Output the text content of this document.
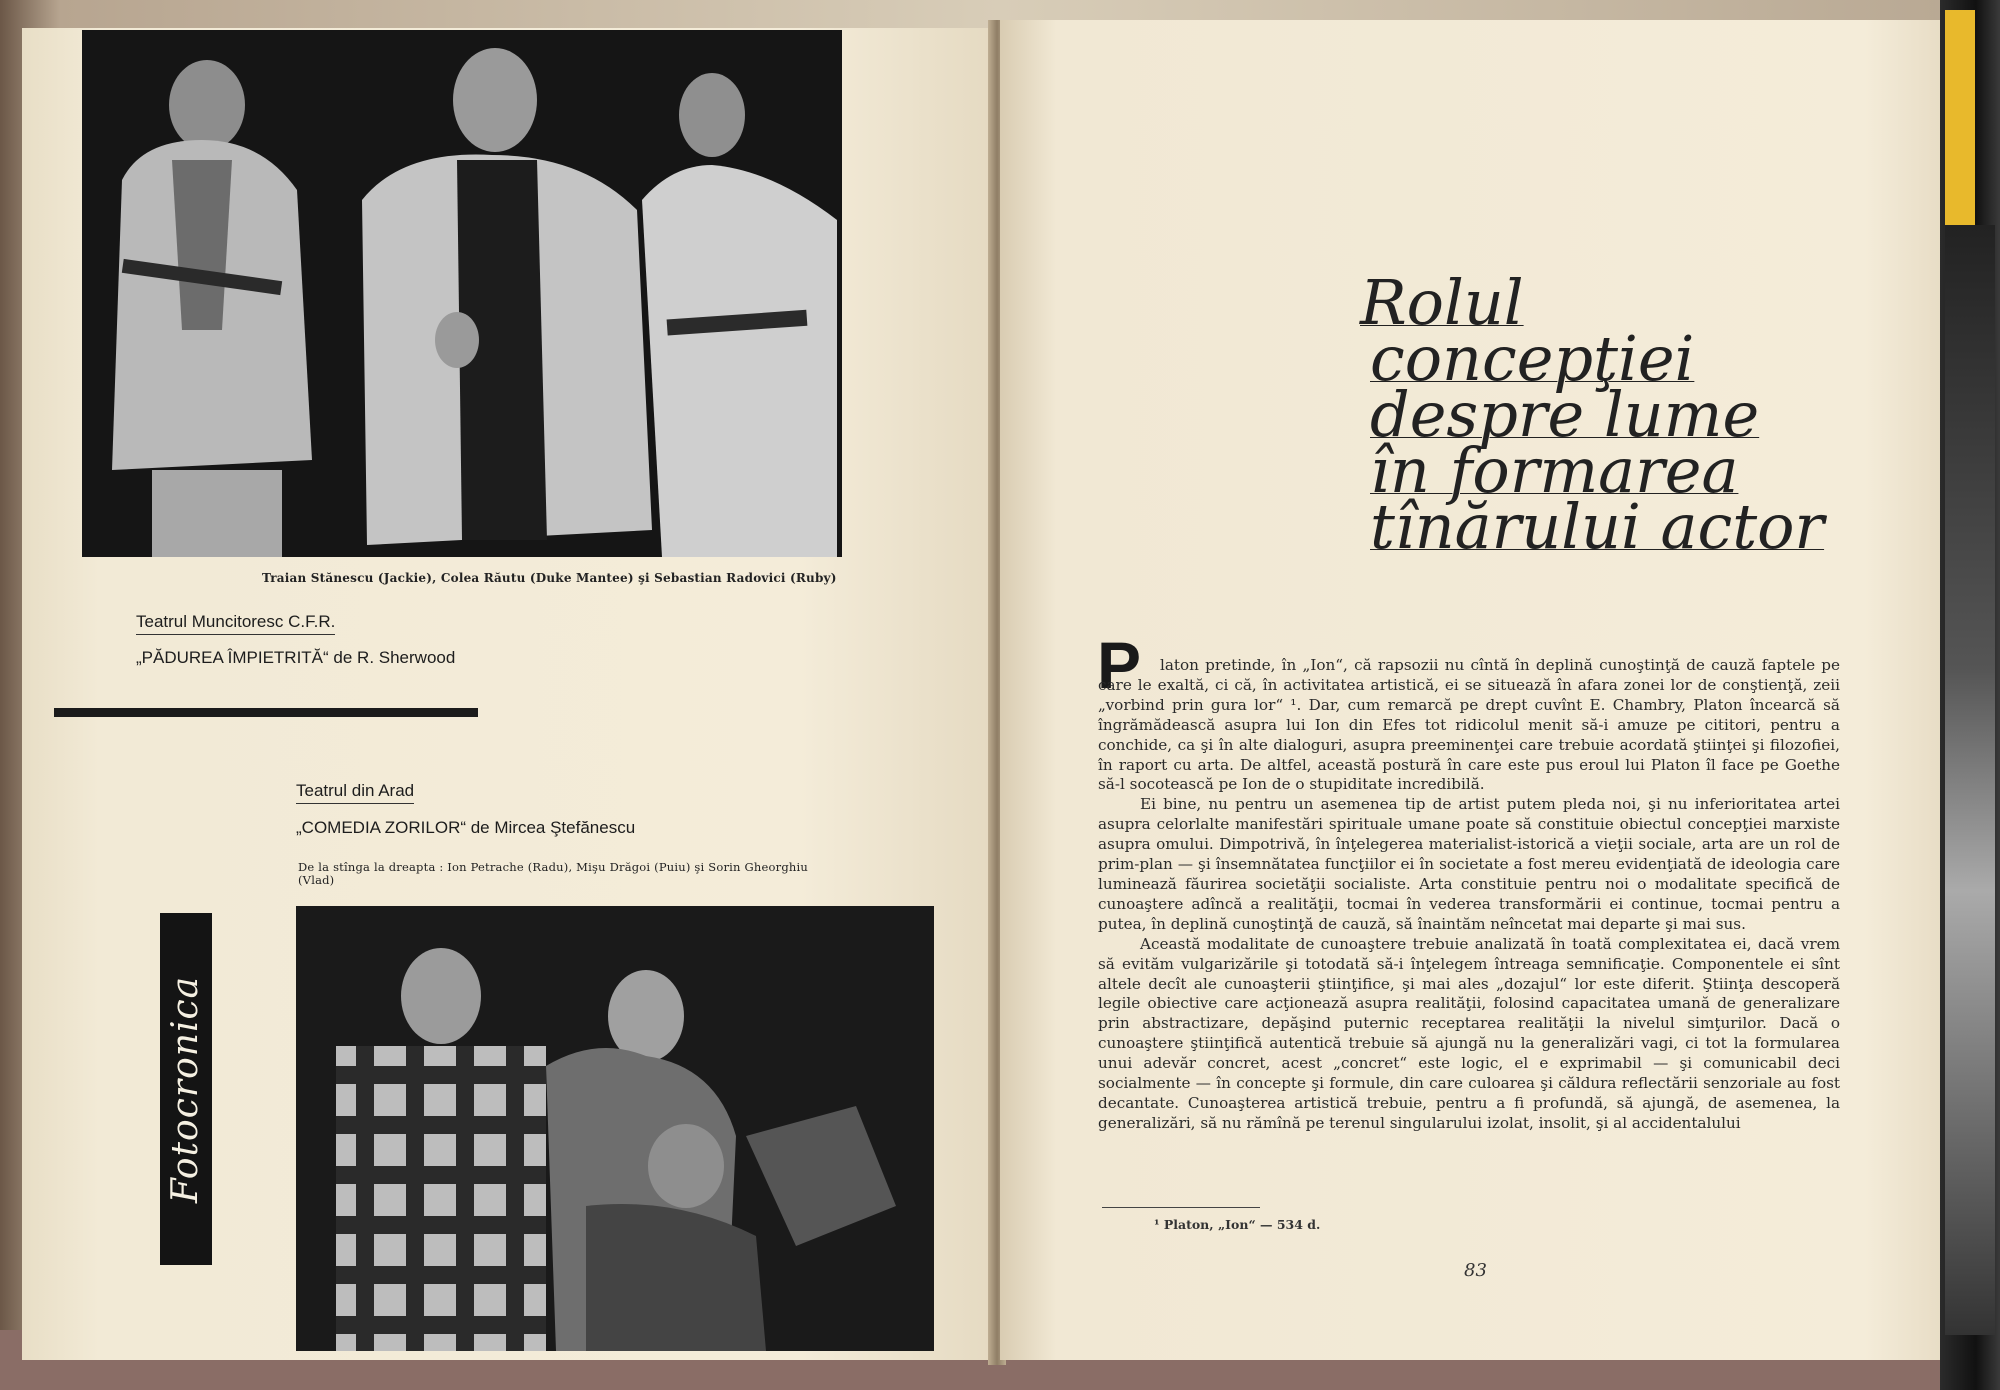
Traian Stănescu (Jackie), Colea Răutu (Duke Mantee) şi Sebastian Radovici (Ruby)
Teatrul Muncitoresc C.F.R.
„PĂDUREA ÎMPIETRITĂ“ de R. Sherwood
Teatrul din Arad
„COMEDIA ZORILOR“ de Mircea Ştefănescu
De la stînga la dreapta : Ion Petrache (Radu), Mişu Drăgoi (Puiu) şi Sorin Gheorghiu (Vlad)
Fotocronica
Rolul
concepţiei
despre lume
în formarea
tînărului actor
P	laton pretinde, în „Ion“, că rapsozii nu cîntă în deplină cunoştinţă de cauză faptele pe care le exaltă, ci că, în activitatea artistică, ei se situează în afara zonei lor de conştienţă, zeii „vorbind prin gura lor“ ¹. Dar, cum remarcă pe drept cuvînt E. Chambry, Platon încearcă să îngrămădească asupra lui Ion din Efes tot ridicolul menit să-i amuze pe cititori, pentru a conchide, ca şi în alte dialoguri, asupra preeminenţei care trebuie acordată ştiinţei şi filozofiei, în raport cu arta. De altfel, această postură în care este pus eroul lui Platon îl face pe Goethe să-l socotească pe Ion de o stupiditate incredibilă.

Ei bine, nu pentru un asemenea tip de artist putem pleda noi, şi nu inferioritatea artei asupra celorlalte manifestări spirituale umane poate să constituie obiectul concepţiei marxiste asupra omului. Dimpotrivă, în înţelegerea materialist-istorică a vieţii sociale, arta are un rol de prim-plan — şi însemnătatea funcţiilor ei în societate a fost mereu evidenţiată de ideologia care luminează făurirea societăţii socialiste. Arta constituie pentru noi o modalitate specifică de cunoaştere adîncă a realităţii, tocmai în vederea transformării ei continue, tocmai pentru a putea, în deplină cunoştinţă de cauză, să înaintăm neîncetat mai departe şi mai sus.

Această modalitate de cunoaştere trebuie analizată în toată complexitatea ei, dacă vrem să evităm vulgarizările şi totodată să-i înţelegem întreaga semnificaţie. Componentele ei sînt altele decît ale cunoaşterii ştiinţifice, şi mai ales „dozajul“ lor este diferit. Ştiinţa descoperă legile obiective care acţionează asupra realităţii, folosind capacitatea umană de generalizare prin abstractizare, depăşind puternic receptarea realităţii la nivelul simţurilor. Dacă o cunoaştere ştiinţifică autentică trebuie să ajungă nu la generalizări vagi, ci tot la formularea unui adevăr concret, acest „concret“ este logic, el e exprimabil — şi comunicabil deci socialmente — în concepte şi formule, din care culoarea şi căldura reflectării senzoriale au fost decantate. Cunoaşterea artistică trebuie, pentru a fi profundă, să ajungă, de asemenea, la generalizări, să nu rămînă pe terenul singularului izolat, insolit, şi al accidentalului

¹ Platon, „Ion“ — 534 d.
83
